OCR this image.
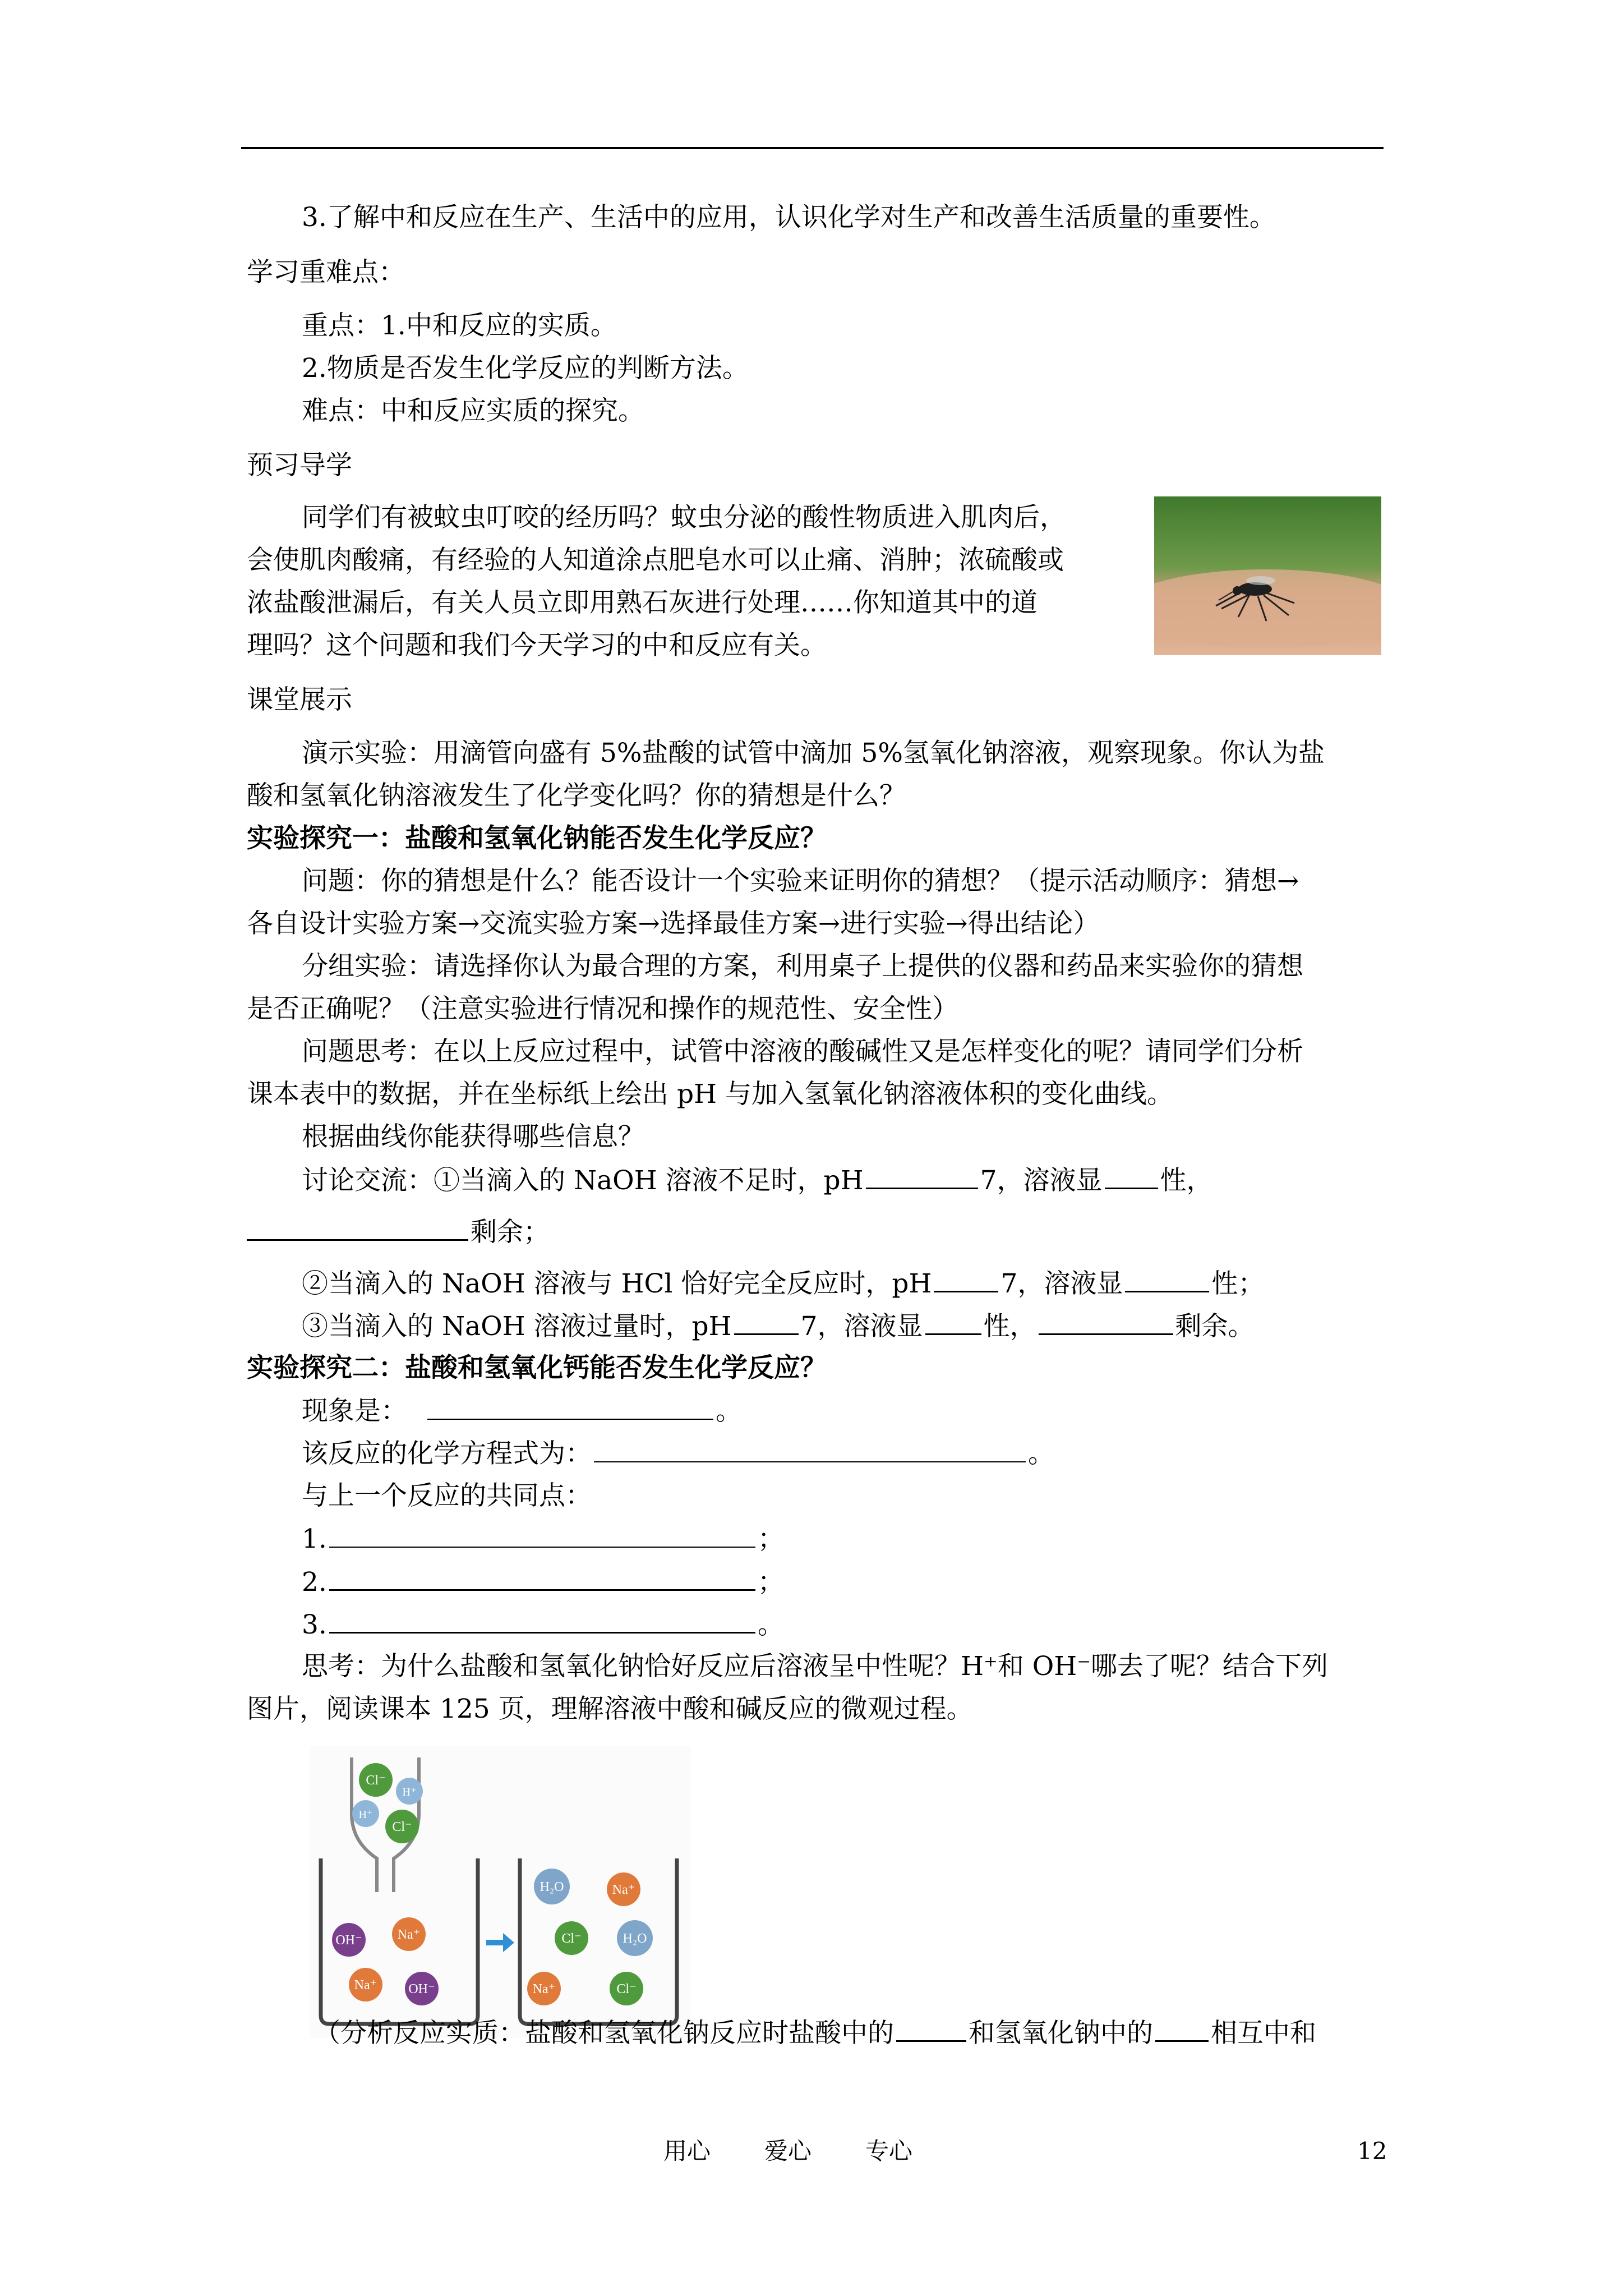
3.了解中和反应在生产、生活中的应用，认识化学对生产和改善生活质量的重要性。
学习重难点：
重点：1.中和反应的实质。
2.物质是否发生化学反应的判断方法。
难点：中和反应实质的探究。
预习导学
同学们有被蚊虫叮咬的经历吗？蚊虫分泌的酸性物质进入肌肉后，
会使肌肉酸痛，有经验的人知道涂点肥皂水可以止痛、消肿；浓硫酸或
浓盐酸泄漏后，有关人员立即用熟石灰进行处理……你知道其中的道
理吗？这个问题和我们今天学习的中和反应有关。
课堂展示
演示实验：用滴管向盛有 5%盐酸的试管中滴加 5%氢氧化钠溶液，观察现象。你认为盐
酸和氢氧化钠溶液发生了化学变化吗？你的猜想是什么？
实验探究一：盐酸和氢氧化钠能否发生化学反应？
问题：你的猜想是什么？能否设计一个实验来证明你的猜想？（提示活动顺序：猜想→
各自设计实验方案→交流实验方案→选择最佳方案→进行实验→得出结论）
分组实验：请选择你认为最合理的方案，利用桌子上提供的仪器和药品来实验你的猜想
是否正确呢？（注意实验进行情况和操作的规范性、安全性）
问题思考：在以上反应过程中，试管中溶液的酸碱性又是怎样变化的呢？请同学们分析
课本表中的数据，并在坐标纸上绘出 pH 与加入氢氧化钠溶液体积的变化曲线。
根据曲线你能获得哪些信息？
讨论交流：①当滴入的 NaOH 溶液不足时，pH	7，溶液显 性，
剩余；
②当滴入的 NaOH 溶液与 HCl 恰好完全反应时，pH	7，溶液显	性；
③当滴入的 NaOH 溶液过量时，pH	7，溶液显 性，	剩余。
实验探究二：盐酸和氢氧化钙能否发生化学反应？
现象是：	。
该反应的化学方程式为：	。
与上一个反应的共同点：
1.	；
2.	；
3.	。
思考：为什么盐酸和氢氧化钠恰好反应后溶液呈中性呢？H⁺和 OH⁻哪去了呢？结合下列
图片，阅读课本 125 页，理解溶液中酸和碱反应的微观过程。
Cl⁻
H⁺
H⁺
Cl⁻
OH⁻	Na⁺
Na⁺ OH⁻
H₂O	Na⁺
Cl⁻	H₂O
Na⁺	Cl⁻
（分析反应实质：盐酸和氢氧化钠反应时盐酸中的	和氢氧化钠中的 相互中和
用心 爱心 专心	12
